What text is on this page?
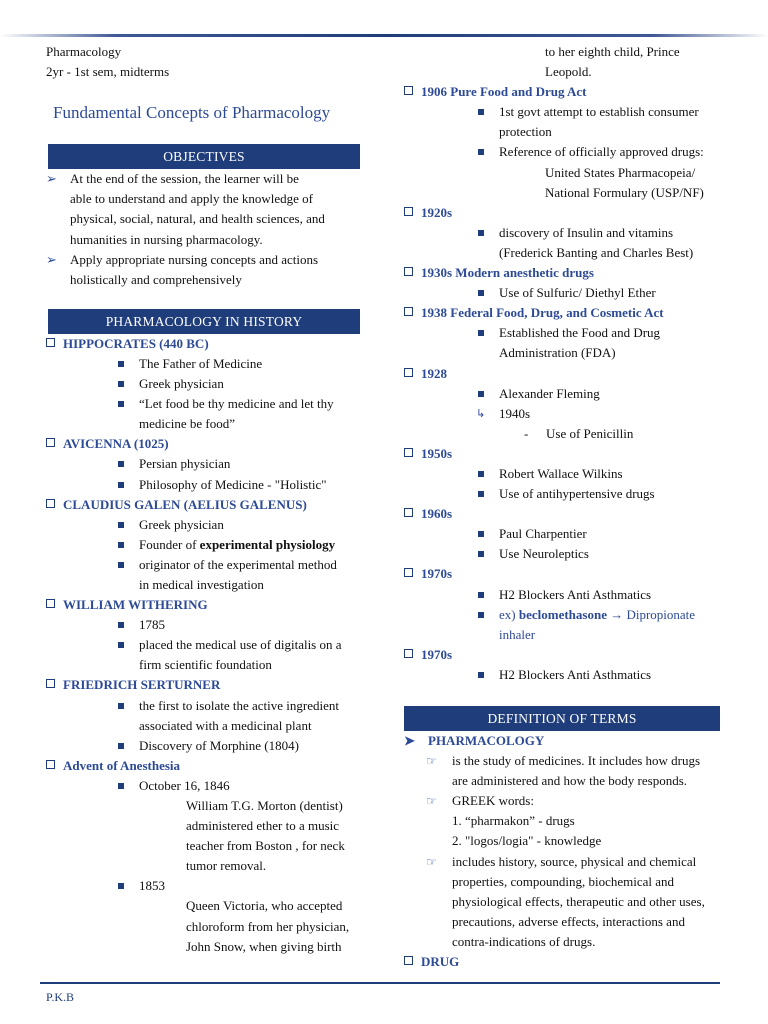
Pharmacology
2yr - 1st sem, midterms
Fundamental Concepts of Pharmacology
OBJECTIVES
➢	At the end of the session, the learner will be
able to understand and apply the knowledge of
physical, social, natural, and health sciences, and
humanities in nursing pharmacology.
➢	Apply appropriate nursing concepts and actions
holistically and comprehensively
PHARMACOLOGY IN HISTORY
HIPPOCRATES (440 BC)
The Father of Medicine
Greek physician
“Let food be thy medicine and let thy
medicine be food”
AVICENNA (1025)
Persian physician
Philosophy of Medicine - "Holistic"
CLAUDIUS GALEN (AELIUS GALENUS)
Greek physician
Founder of experimental physiology
originator of the experimental method
in medical investigation
WILLIAM WITHERING
1785
placed the medical use of digitalis on a
firm scientific foundation
FRIEDRICH SERTURNER
the first to isolate the active ingredient
associated with a medicinal plant
Discovery of Morphine (1804)
Advent of Anesthesia
October 16, 1846
William T.G. Morton (dentist)
administered ether to a music
teacher from Boston , for neck
tumor removal.
1853
Queen Victoria, who accepted
chloroform from her physician,
John Snow, when giving birth
to her eighth child, Prince
Leopold.
1906 Pure Food and Drug Act
1st govt attempt to establish consumer
protection
Reference of officially approved drugs:
United States Pharmacopeia/
National Formulary (USP/NF)
1920s
discovery of Insulin and vitamins
(Frederick Banting and Charles Best)
1930s Modern anesthetic drugs
Use of Sulfuric/ Diethyl Ether
1938 Federal Food, Drug, and Cosmetic Act
Established the Food and Drug
Administration (FDA)
1928
Alexander Fleming
↳ 1940s
- Use of Penicillin
1950s
Robert Wallace Wilkins
Use of antihypertensive drugs
1960s
Paul Charpentier
Use Neuroleptics
1970s
H2 Blockers Anti Asthmatics
ex) beclomethasone → Dipropionate
inhaler
1970s
H2 Blockers Anti Asthmatics
DEFINITION OF TERMS
➤	PHARMACOLOGY
☞	is the study of medicines. It includes how drugs
are administered and how the body responds.
☞	GREEK words:
1. “pharmakon” - drugs
2. "logos/logia" - knowledge
☞	includes history, source, physical and chemical
properties, compounding, biochemical and
physiological effects, therapeutic and other uses,
precautions, adverse effects, interactions and
contra-indications of drugs.
DRUG
P.K.B
